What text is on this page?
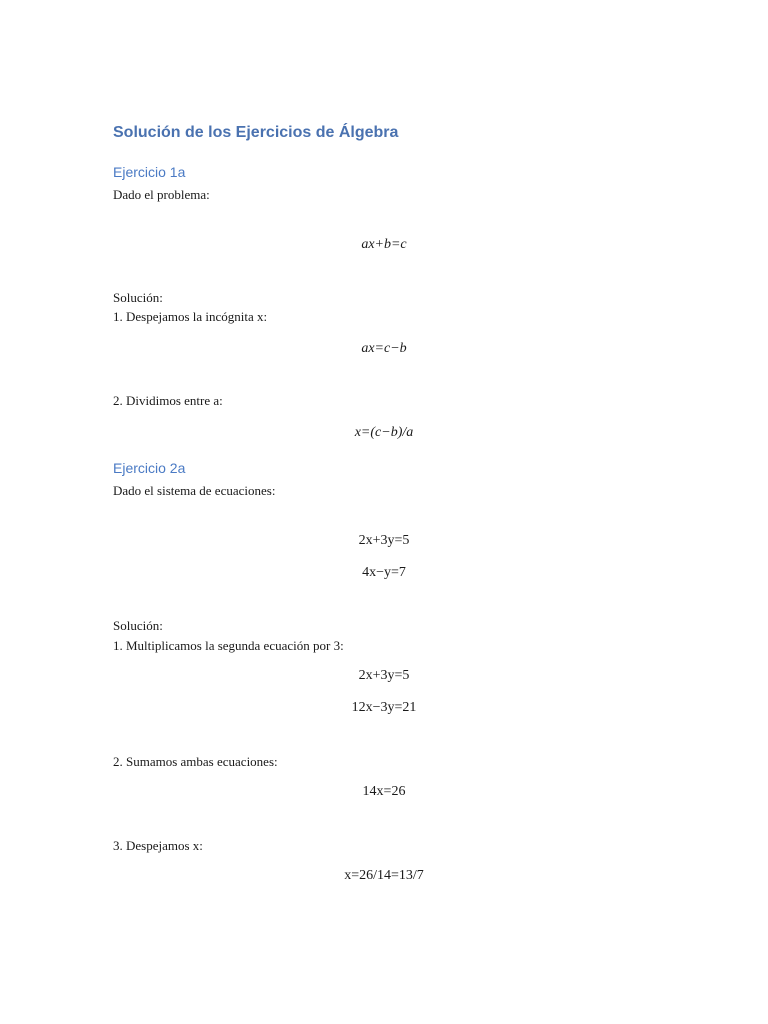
Solución de los Ejercicios de Álgebra
Ejercicio 1a
Dado el problema:
ax+b=c
Solución:
1. Despejamos la incógnita x:
ax=c−b
2. Dividimos entre a:
x=(c−b)/a
Ejercicio 2a
Dado el sistema de ecuaciones:
2x+3y=5
4x−y=7
Solución:
1. Multiplicamos la segunda ecuación por 3:
2x+3y=5
12x−3y=21
2. Sumamos ambas ecuaciones:
14x=26
3. Despejamos x:
x=26/14=13/7
